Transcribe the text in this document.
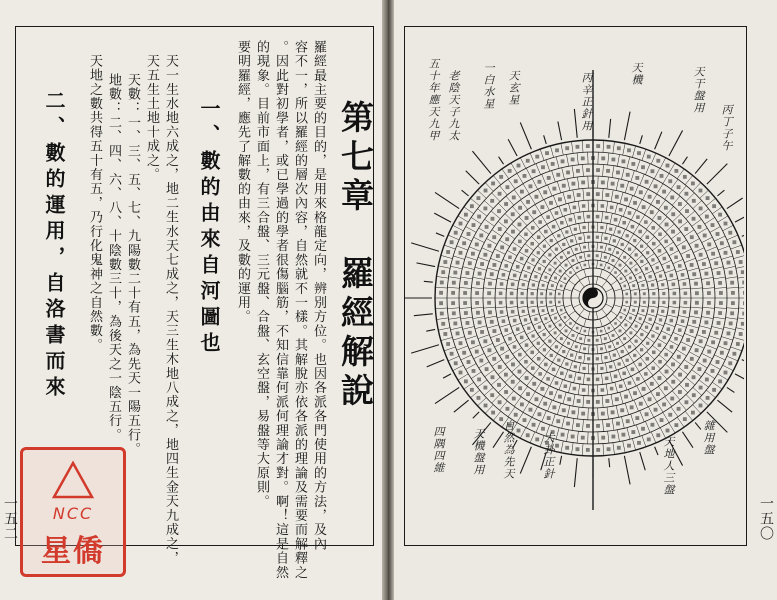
羅經最主要的目的，是用來格龍定向，辨別方位。也因各派各門使用的方法，及內
容不一，所以羅經的層次內容，自然就不一樣。其解脫亦依各派的理論及需要而解釋之
。因此對初學者，或已學過的學者很傷腦筋，不知信靠何派何理論才對。啊！這是自然
的現象。目前市面上，有三合盤、三元盤、合盤、玄空盤，易盤等大原則。
要明羅經，應先了解數的由來，及數的運用。	第七章　羅經解說
一、數的由來自河圖也
天一生水地六成之，地二生水天七成之，天三生木地八成之，地四生金天九成之，
天五生土地十成之。
天數：一、三、五、七、九陽數二十有五，為先天一陽五行。
地數：二、四、六、八、十陰數三十，為後天之一陰五行。
天地之數共得五十有五，乃行化鬼神之自然數。
二、數的運用，自洛書而來
一五二	NCC
星僑
五十年應天九甲 老陰天子九太 一白水星 天玄星	丙辛正針用	天機	天干盤用
丙丁子午
四隅四維 天機盤用 自然為先天 大卦正針	天地人三盤 雜用盤
一五〇
